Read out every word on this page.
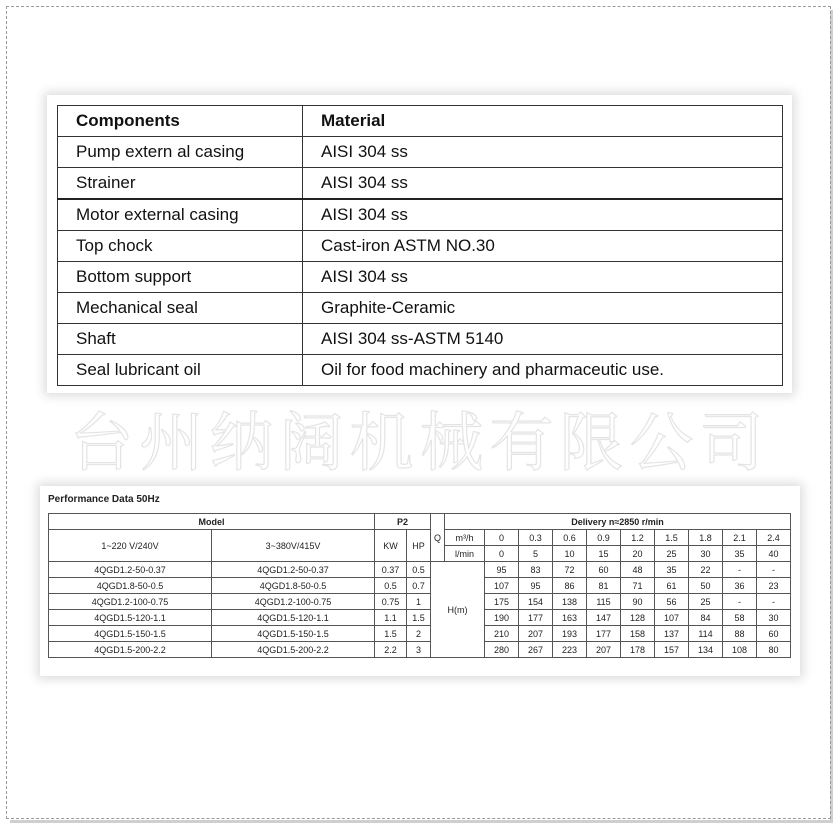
Components	Material
Pump extern al casing	AISI 304 ss
Strainer	AISI 304 ss
Motor external casing	AISI 304 ss
Top chock	Cast-iron ASTM NO.30
Bottom support	AISI 304 ss
Mechanical seal	Graphite-Ceramic
Shaft	AISI 304 ss-ASTM 5140
Seal lubricant oil	Oil for food machinery and pharmaceutic use.
台州纳阔机械有限公司
Performance Data 50Hz
Model		P2		Q	Delivery n≈2850 r/min									
1~220 V/240V	3~380V/415V	KW	HP		m³/h	0	0.3	0.6	0.9	1.2	1.5	1.8	2.1	2.4
					l/min	0	5	10	15	20	25	30	35	40
4QGD1.2-50-0.37	4QGD1.2-50-0.37	0.37	0.5	H(m)		95	83	72	60	48	35	22	-	-
4QGD1.8-50-0.5	4QGD1.8-50-0.5	0.5	0.7			107	95	86	81	71	61	50	36	23
4QGD1.2-100-0.75	4QGD1.2-100-0.75	0.75	1			175	154	138	115	90	56	25	-	-
4QGD1.5-120-1.1	4QGD1.5-120-1.1	1.1	1.5			190	177	163	147	128	107	84	58	30
4QGD1.5-150-1.5	4QGD1.5-150-1.5	1.5	2			210	207	193	177	158	137	114	88	60
4QGD1.5-200-2.2	4QGD1.5-200-2.2	2.2	3			280	267	223	207	178	157	134	108	80
